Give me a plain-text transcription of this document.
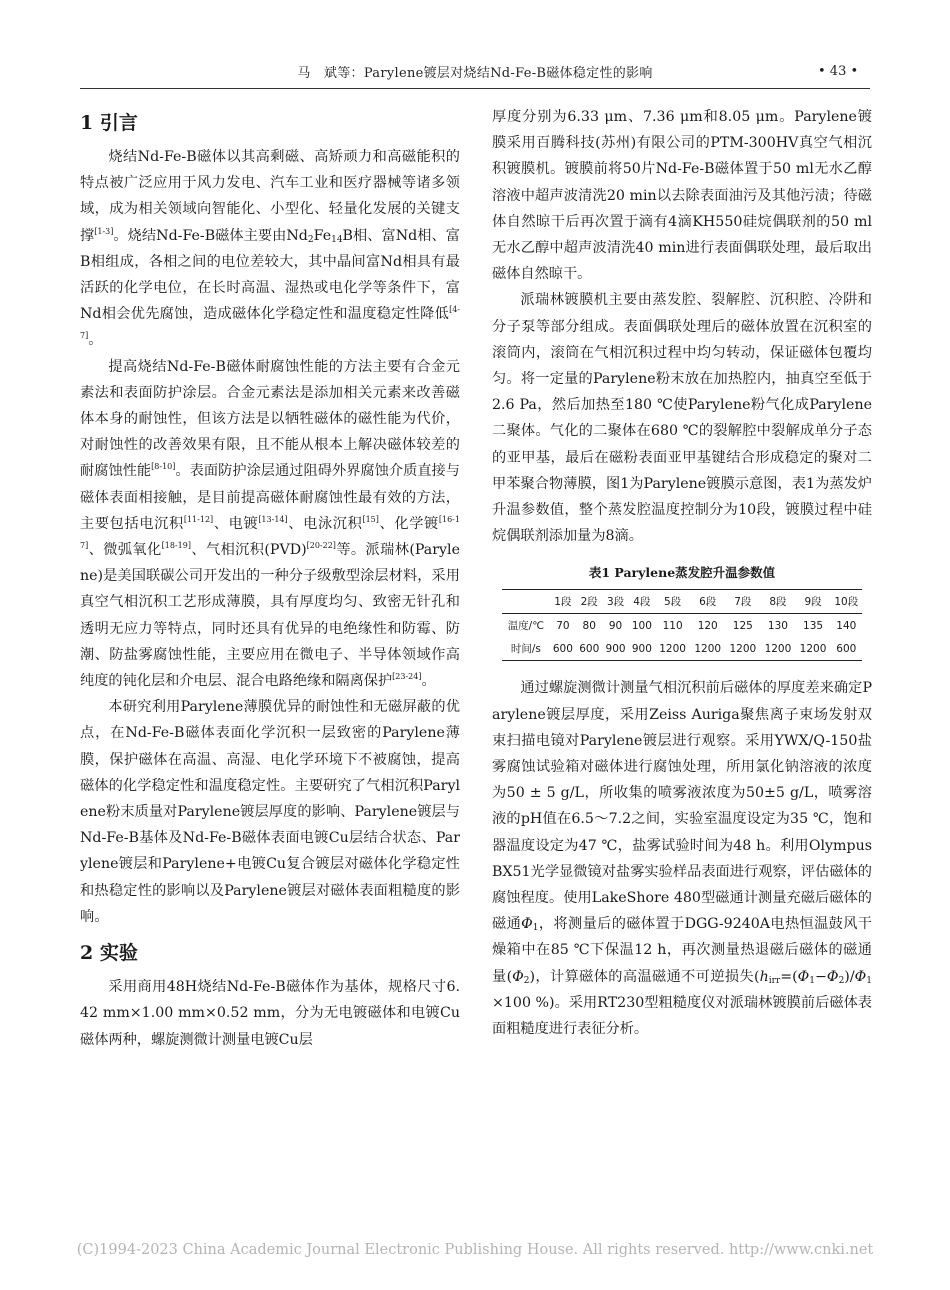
马　斌等：Parylene镀层对烧结Nd-Fe-B磁体稳定性的影响	• 43 •
1 引言

烧结Nd-Fe-B磁体以其高剩磁、高矫顽力和高磁能积的特点被广泛应用于风力发电、汽车工业和医疗器械等诸多领域，成为相关领域向智能化、小型化、轻量化发展的关键支撑[1-3]。烧结Nd-Fe-B磁体主要由$Nd_2Fe_{14}B$相、富Nd相、富B相组成，各相之间的电位差较大，其中晶间富Nd相具有最活跃的化学电位，在长时高温、湿热或电化学等条件下，富Nd相会优先腐蚀，造成磁体化学稳定性和温度稳定性降低[4-7]。

提高烧结Nd-Fe-B磁体耐腐蚀性能的方法主要有合金元素法和表面防护涂层。合金元素法是添加相关元素来改善磁体本身的耐蚀性，但该方法是以牺牲磁体的磁性能为代价，对耐蚀性的改善效果有限，且不能从根本上解决磁体较差的耐腐蚀性能[8-10]。表面防护涂层通过阻碍外界腐蚀介质直接与磁体表面相接触，是目前提高磁体耐腐蚀性最有效的方法，主要包括电沉积[11-12]、电镀[13-14]、电泳沉积[15]、化学镀[16-17]、微弧氧化[18-19]、气相沉积(PVD)[20-22]等。派瑞林(Parylene)是美国联碳公司开发出的一种分子级敷型涂层材料，采用真空气相沉积工艺形成薄膜，具有厚度均匀、致密无针孔和透明无应力等特点，同时还具有优异的电绝缘性和防霉、防潮、防盐雾腐蚀性能，主要应用在微电子、半导体领域作高纯度的钝化层和介电层、混合电路绝缘和隔离保护[23-24]。

本研究利用Parylene薄膜优异的耐蚀性和无磁屏蔽的优点，在Nd-Fe-B磁体表面化学沉积一层致密的Parylene薄膜，保护磁体在高温、高湿、电化学环境下不被腐蚀，提高磁体的化学稳定性和温度稳定性。主要研究了气相沉积Parylene粉末质量对Parylene镀层厚度的影响、Parylene镀层与Nd-Fe-B基体及Nd-Fe-B磁体表面电镀Cu层结合状态、Parylene镀层和Parylene+电镀Cu复合镀层对磁体化学稳定性和热稳定性的影响以及Parylene镀层对磁体表面粗糙度的影响。

2 实验

采用商用48H烧结Nd-Fe-B磁体作为基体，规格尺寸6.42 mm×1.00 mm×0.52 mm，分为无电镀磁体和电镀Cu磁体两种，螺旋测微计测量电镀Cu层

厚度分别为6.33 μm、7.36 μm和8.05 μm。Parylene镀膜采用百腾科技(苏州)有限公司的PTM-300HV真空气相沉积镀膜机。镀膜前将50片Nd-Fe-B磁体置于50 ml无水乙醇溶液中超声波清洗20 min以去除表面油污及其他污渍；待磁体自然晾干后再次置于滴有4滴KH550硅烷偶联剂的50 ml无水乙醇中超声波清洗40 min进行表面偶联处理，最后取出磁体自然晾干。

派瑞林镀膜机主要由蒸发腔、裂解腔、沉积腔、冷阱和分子泵等部分组成。表面偶联处理后的磁体放置在沉积室的滚筒内，滚筒在气相沉积过程中均匀转动，保证磁体包覆均匀。将一定量的Parylene粉末放在加热腔内，抽真空至低于2.6 Pa，然后加热至180 ℃使Parylene粉气化成Parylene二聚体。气化的二聚体在680 ℃的裂解腔中裂解成单分子态的亚甲基，最后在磁粉表面亚甲基键结合形成稳定的聚对二甲苯聚合物薄膜，图1为Parylene镀膜示意图，表1为蒸发炉升温参数值，整个蒸发腔温度控制分为10段，镀膜过程中硅烷偶联剂添加量为8滴。

表1 Parylene蒸发腔升温参数值
	1段	2段	3段	4段	5段	6段	7段	8段	9段	10段
温度/℃	70	80	90	100	110	120	125	130	135	140
时间/s	600	600	900	900	1200	1200	1200	1200	1200	600

通过螺旋测微计测量气相沉积前后磁体的厚度差来确定Parylene镀层厚度，采用Zeiss Auriga聚焦离子束场发射双束扫描电镜对Parylene镀层进行观察。采用YWX/Q-150盐雾腐蚀试验箱对磁体进行腐蚀处理，所用氯化钠溶液的浓度为50 ± 5 g/L，所收集的喷雾液浓度为50±5 g/L，喷雾溶液的pH值在6.5～7.2之间，实验室温度设定为35 ℃，饱和器温度设定为47 ℃，盐雾试验时间为48 h。利用Olympus BX51光学显微镜对盐雾实验样品表面进行观察，评估磁体的腐蚀程度。使用LakeShore 480型磁通计测量充磁后磁体的磁通$\Phi_1$，将测量后的磁体置于DGG-9240A电热恒温鼓风干燥箱中在85 ℃下保温12 h，再次测量热退磁后磁体的磁通量$(\Phi_2)$，计算磁体的高温磁通不可逆损失($h_{irr}=(\Phi_1-\Phi_2)/\Phi_1\times 100$ %)。采用RT230型粗糙度仪对派瑞林镀膜前后磁体表面粗糙度进行表征分析。

(C)1994-2023 China Academic Journal Electronic Publishing House. All rights reserved. http://www.cnki.net
